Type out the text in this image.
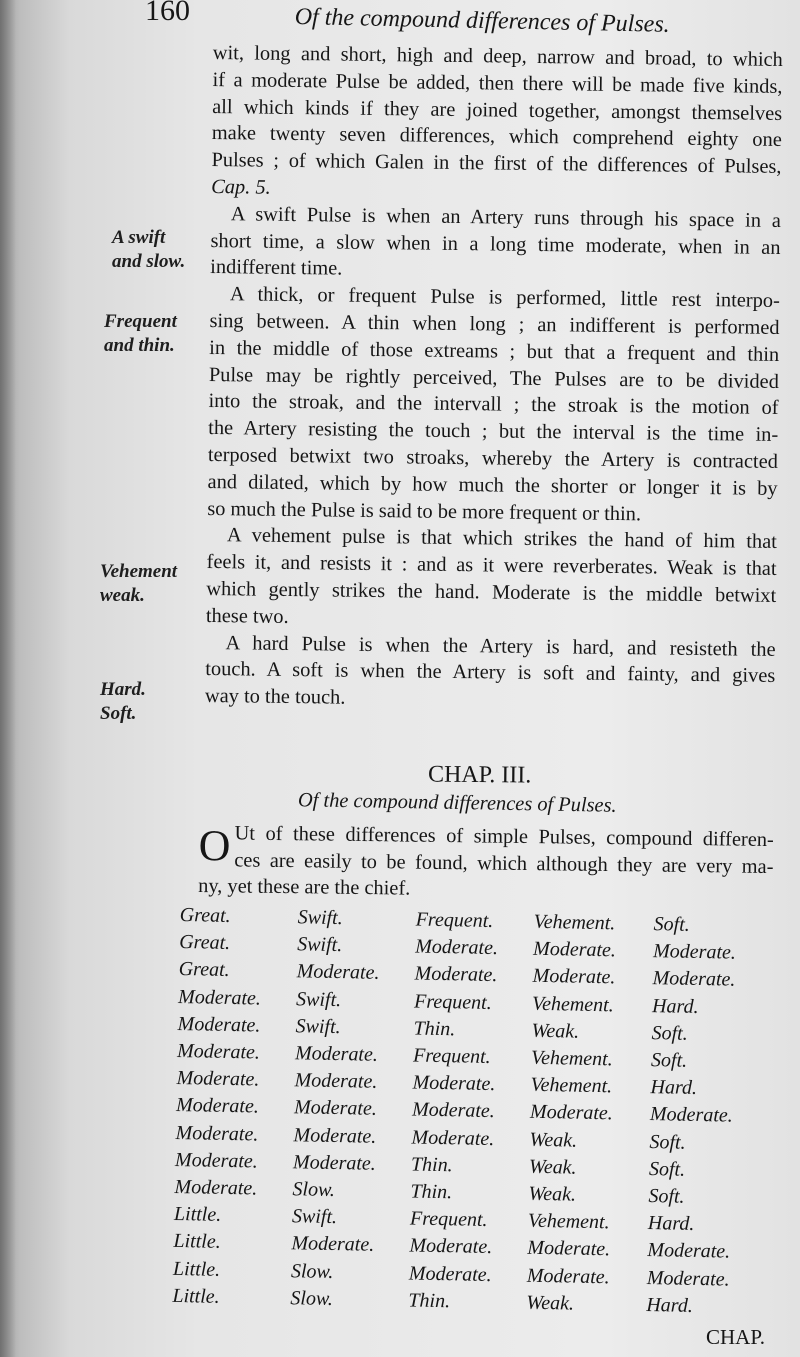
160	Of the compound differences of Pulses.
A swift
and slow.
Frequent
and thin.
Vehement
weak.
Hard.
Soft.
wit, long and short, high and deep, narrow and broad, to which
if a moderate Pulse be added, then there will be made five kinds,
all which kinds if they are joined together, amongst themselves
make twenty seven differences, which comprehend eighty one
Pulses ; of which Galen in the first of the differences of Pulses,
Cap. 5.
A swift Pulse is when an Artery runs through his space in a
short time, a slow when in a long time moderate, when in an
indifferent time.
A thick, or frequent Pulse is performed, little rest interpo-
sing between. A thin when long ; an indifferent is performed
in the middle of those extreams ; but that a frequent and thin
Pulse may be rightly perceived, The Pulses are to be divided
into the stroak, and the intervall ; the stroak is the motion of
the Artery resisting the touch ; but the interval is the time in-
terposed betwixt two stroaks, whereby the Artery is contracted
and dilated, which by how much the shorter or longer it is by
so much the Pulse is said to be more frequent or thin.
A vehement pulse is that which strikes the hand of him that
feels it, and resists it : and as it were reverberates. Weak is that
which gently strikes the hand. Moderate is the middle betwixt
these two.
A hard Pulse is when the Artery is hard, and resisteth the
touch. A soft is when the Artery is soft and fainty, and gives
way to the touch.
CHAP. III.
Of the compound differences of Pulses.
O Ut of these differences of simple Pulses, compound differen-
ces are easily to be found, which although they are very ma-
ny, yet these are the chief.
Great.	Swift.	Frequent.	Vehement.	Soft.
Great.	Swift.	Moderate.	Moderate.	Moderate.
Great.	Moderate.	Moderate.	Moderate.	Moderate.
Moderate.	Swift.	Frequent.	Vehement.	Hard.
Moderate.	Swift.	Thin.	Weak.	Soft.
Moderate.	Moderate.	Frequent.	Vehement.	Soft.
Moderate.	Moderate.	Moderate.	Vehement.	Hard.
Moderate.	Moderate.	Moderate.	Moderate.	Moderate.
Moderate.	Moderate.	Moderate.	Weak.	Soft.
Moderate.	Moderate.	Thin.	Weak.	Soft.
Moderate.	Slow.	Thin.	Weak.	Soft.
Little.	Swift.	Frequent.	Vehement.	Hard.
Little.	Moderate.	Moderate.	Moderate.	Moderate.
Little.	Slow.	Moderate.	Moderate.	Moderate.
Little.	Slow.	Thin.	Weak.	Hard.
CHAP.
